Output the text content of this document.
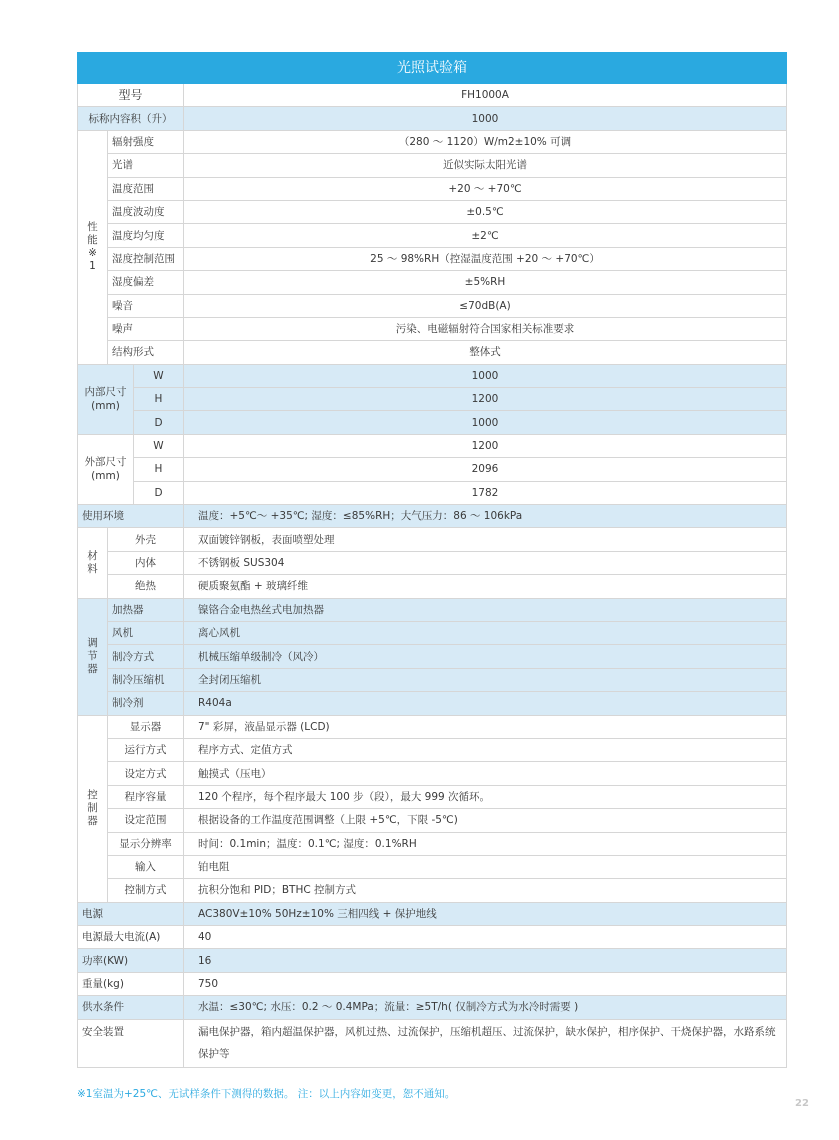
光照试验箱			
型号			FH1000A
标称内容积（升）			1000
性能※1	辐射强度		（280 ～ 1120）W/m2±10% 可调
	光谱		近似实际太阳光谱
	温度范围		+20 ～ +70℃
	温度波动度		±0.5℃
	温度均匀度		±2℃
	湿度控制范围		25 ～ 98%RH（控湿温度范围 +20 ～ +70℃）
	湿度偏差		±5%RH
	噪音		≤70dB(A)
	噪声		污染、电磁辐射符合国家相关标准要求
	结构形式		整体式
内部尺寸(mm)		W	1000
		H	1200
		D	1000
外部尺寸(mm)		W	1200
		H	2096
		D	1782
使用环境			温度：+5℃～ +35℃; 湿度：≤85%RH；大气压力：86 ～ 106kPa
材料	外壳		双面镀锌钢板，表面喷塑处理
	内体		不锈钢板 SUS304
	绝热		硬质聚氨酯 + 玻璃纤维
调节器	加热器		镍铬合金电热丝式电加热器
	风机		离心风机
	制冷方式		机械压缩单级制冷（风冷）
	制冷压缩机		全封闭压缩机
	制冷剂		R404a
控制器	显示器		7" 彩屏，液晶显示器 (LCD)
	运行方式		程序方式、定值方式
	设定方式		触摸式（压电）
	程序容量		120 个程序，每个程序最大 100 步（段），最大 999 次循环。
	设定范围		根据设备的工作温度范围调整（上限 +5℃，下限 -5℃)
	显示分辨率		时间：0.1min；温度：0.1℃; 湿度：0.1%RH
	输入		铂电阻
	控制方式		抗积分饱和 PID；BTHC 控制方式
电源			AC380V±10% 50Hz±10% 三相四线 + 保护地线
电源最大电流(A)			40
功率(KW)			16
重量(kg)			750
供水条件			水温：≤30℃; 水压：0.2 ～ 0.4MPa；流量：≥5T/h( 仅制冷方式为水冷时需要 )
安全装置			漏电保护器，箱内超温保护器，风机过热、过流保护，压缩机超压、过流保护，缺水保护，相序保护、干烧保护器，水路系统保护等
※1室温为+25℃、无试样条件下测得的数据。 注：以上内容如变更，恕不通知。
22
